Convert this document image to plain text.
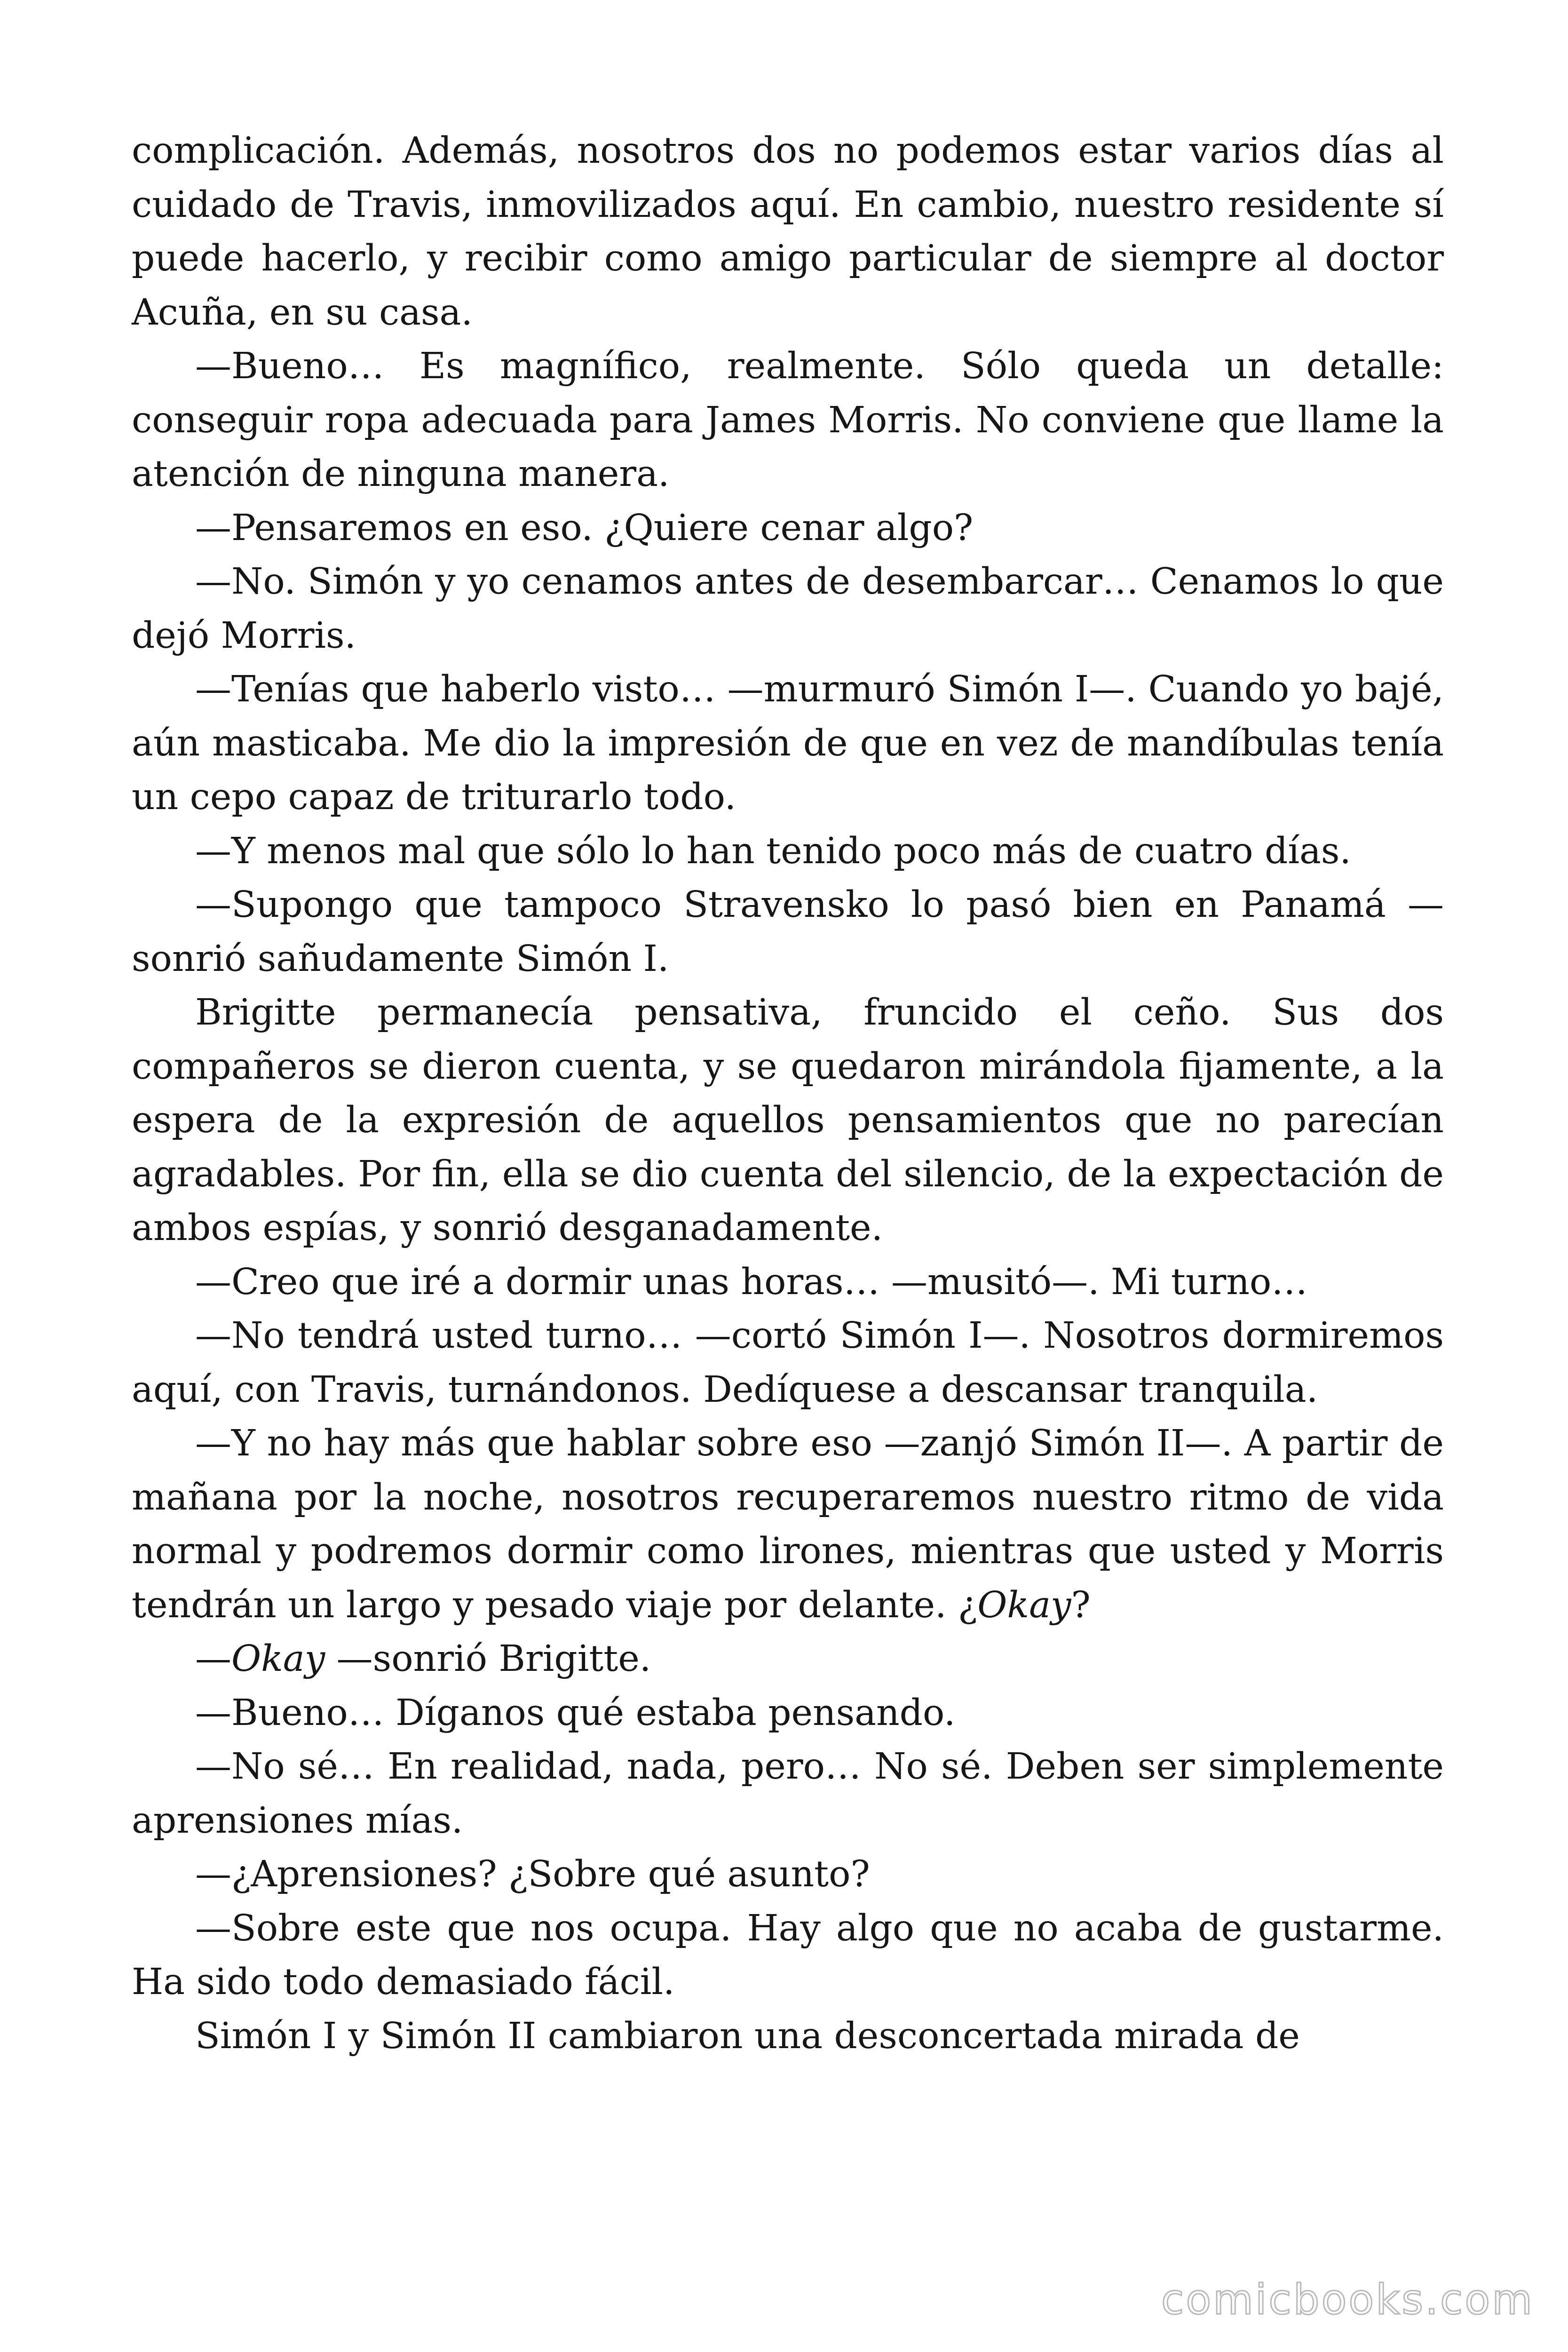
complicación. Además, nosotros dos no podemos estar varios días al cuidado de Travis, inmovilizados aquí. En cambio, nuestro residente sí puede hacerlo, y recibir como amigo particular de siempre al doctor Acuña, en su casa.

—Bueno… Es magnífico, realmente. Sólo queda un detalle: conseguir ropa adecuada para James Morris. No conviene que llame la atención de ninguna manera.

—Pensaremos en eso. ¿Quiere cenar algo?

—No. Simón y yo cenamos antes de desembarcar… Cenamos lo que dejó Morris.

—Tenías que haberlo visto… —murmuró Simón I—. Cuando yo bajé, aún masticaba. Me dio la impresión de que en vez de mandíbulas tenía un cepo capaz de triturarlo todo.

—Y menos mal que sólo lo han tenido poco más de cuatro días.

—Supongo que tampoco Stravensko lo pasó bien en Panamá —sonrió sañudamente Simón I.

Brigitte permanecía pensativa, fruncido el ceño. Sus dos compañeros se dieron cuenta, y se quedaron mirándola fijamente, a la espera de la expresión de aquellos pensamientos que no parecían agradables. Por fin, ella se dio cuenta del silencio, de la expectación de ambos espías, y sonrió desganadamente.

—Creo que iré a dormir unas horas… —musitó—. Mi turno…

—No tendrá usted turno… —cortó Simón I—. Nosotros dormiremos aquí, con Travis, turnándonos. Dedíquese a descansar tranquila.

—Y no hay más que hablar sobre eso —zanjó Simón II—. A partir de mañana por la noche, nosotros recuperaremos nuestro ritmo de vida normal y podremos dormir como lirones, mientras que usted y Morris tendrán un largo y pesado viaje por delante. ¿Okay?

—Okay —sonrió Brigitte.

—Bueno… Díganos qué estaba pensando.

—No sé… En realidad, nada, pero… No sé. Deben ser simplemente aprensiones mías.

—¿Aprensiones? ¿Sobre qué asunto?

—Sobre este que nos ocupa. Hay algo que no acaba de gustarme. Ha sido todo demasiado fácil.

Simón I y Simón II cambiaron una desconcertada mirada de

comicbooks.com
